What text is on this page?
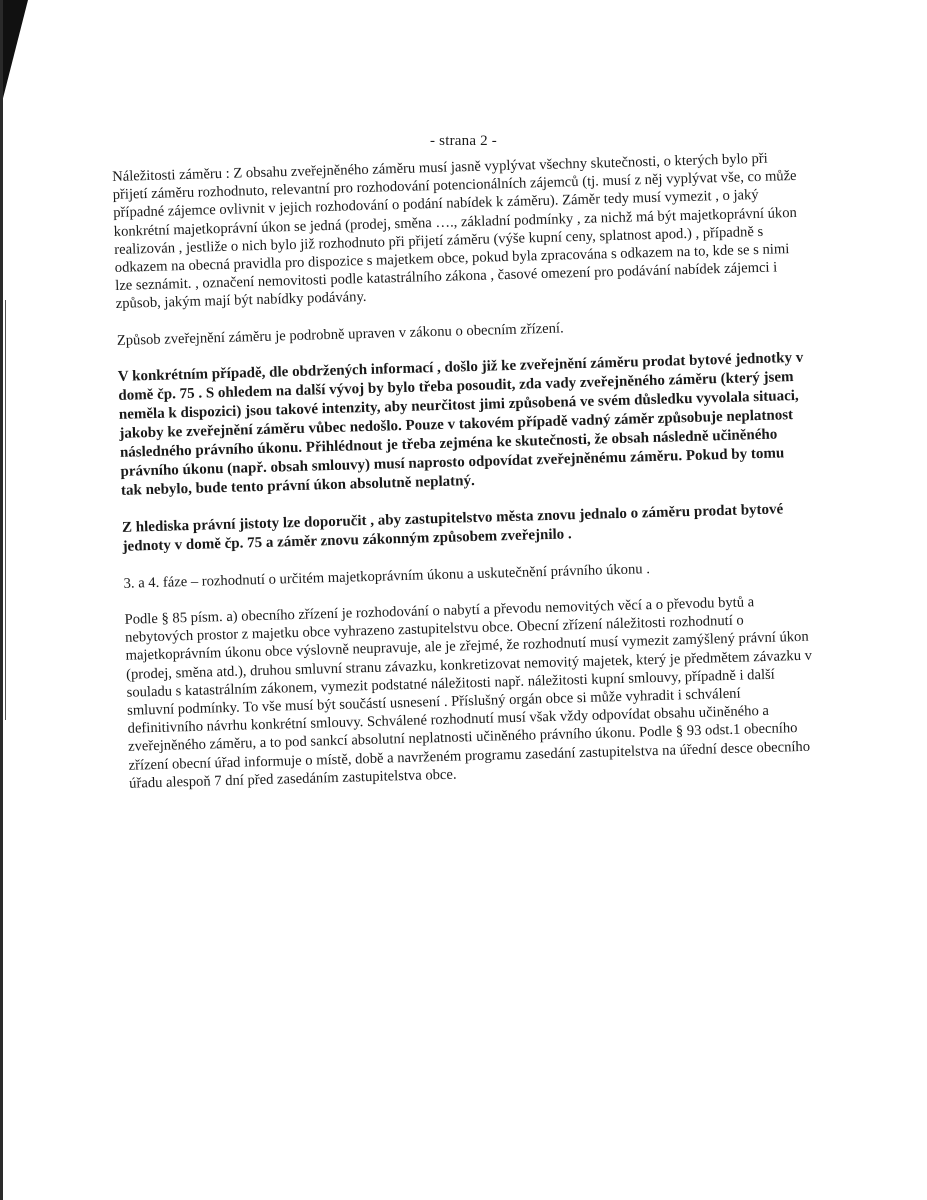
- strana 2 -

Náležitosti záměru : Z obsahu zveřejněného záměru musí jasně vyplývat všechny skutečnosti, o kterých bylo při přijetí záměru rozhodnuto, relevantní pro rozhodování potencionálních zájemců (tj. musí z něj vyplývat vše, co může případné zájemce ovlivnit v jejich rozhodování o podání nabídek k záměru). Záměr tedy musí vymezit , o jaký konkrétní majetkoprávní úkon se jedná (prodej, směna …., základní podmínky , za nichž má být majetkoprávní úkon realizován , jestliže o nich bylo již rozhodnuto při přijetí záměru (výše kupní ceny, splatnost apod.) , případně s odkazem na obecná pravidla pro dispozice s majetkem obce, pokud byla zpracována s odkazem na to, kde se s nimi lze seznámit. , označení nemovitosti podle katastrálního zákona , časové omezení pro podávání nabídek zájemci i způsob, jakým mají být nabídky podávány.

Způsob zveřejnění záměru je podrobně upraven v zákonu o obecním zřízení.

V konkrétním případě, dle obdržených informací , došlo již ke zveřejnění záměru prodat bytové jednotky v domě čp. 75 . S ohledem na další vývoj by bylo třeba posoudit, zda vady zveřejněného záměru (který jsem neměla k dispozici) jsou takové intenzity, aby neurčitost jimi způsobená ve svém důsledku vyvolala situaci, jakoby ke zveřejnění záměru vůbec nedošlo. Pouze v takovém případě vadný záměr způsobuje neplatnost následného právního úkonu. Přihlédnout je třeba zejména ke skutečnosti, že obsah následně učiněného právního úkonu (např. obsah smlouvy) musí naprosto odpovídat zveřejněnému záměru. Pokud by tomu tak nebylo, bude tento právní úkon absolutně neplatný.

Z hlediska právní jistoty lze doporučit , aby zastupitelstvo města znovu jednalo o záměru prodat bytové jednoty v domě čp. 75 a záměr znovu zákonným způsobem zveřejnilo .

3. a 4. fáze – rozhodnutí o určitém majetkoprávním úkonu a uskutečnění právního úkonu .

Podle § 85 písm. a) obecního zřízení je rozhodování o nabytí a převodu nemovitých věcí a o převodu bytů a nebytových prostor z majetku obce vyhrazeno zastupitelstvu obce. Obecní zřízení náležitosti rozhodnutí o majetkoprávním úkonu obce výslovně neupravuje, ale je zřejmé, že rozhodnutí musí vymezit zamýšlený právní úkon (prodej, směna atd.), druhou smluvní stranu závazku, konkretizovat nemovitý majetek, který je předmětem závazku v souladu s katastrálním zákonem, vymezit podstatné náležitosti např. náležitosti kupní smlouvy, případně i další smluvní podmínky. To vše musí být součástí usnesení . Příslušný orgán obce si může vyhradit i schválení definitivního návrhu konkrétní smlouvy. Schválené rozhodnutí musí však vždy odpovídat obsahu učiněného a zveřejněného záměru, a to pod sankcí absolutní neplatnosti učiněného právního úkonu. Podle § 93 odst.1 obecního zřízení obecní úřad informuje o místě, době a navrženém programu zasedání zastupitelstva na úřední desce obecního úřadu alespoň 7 dní před zasedáním zastupitelstva obce.
